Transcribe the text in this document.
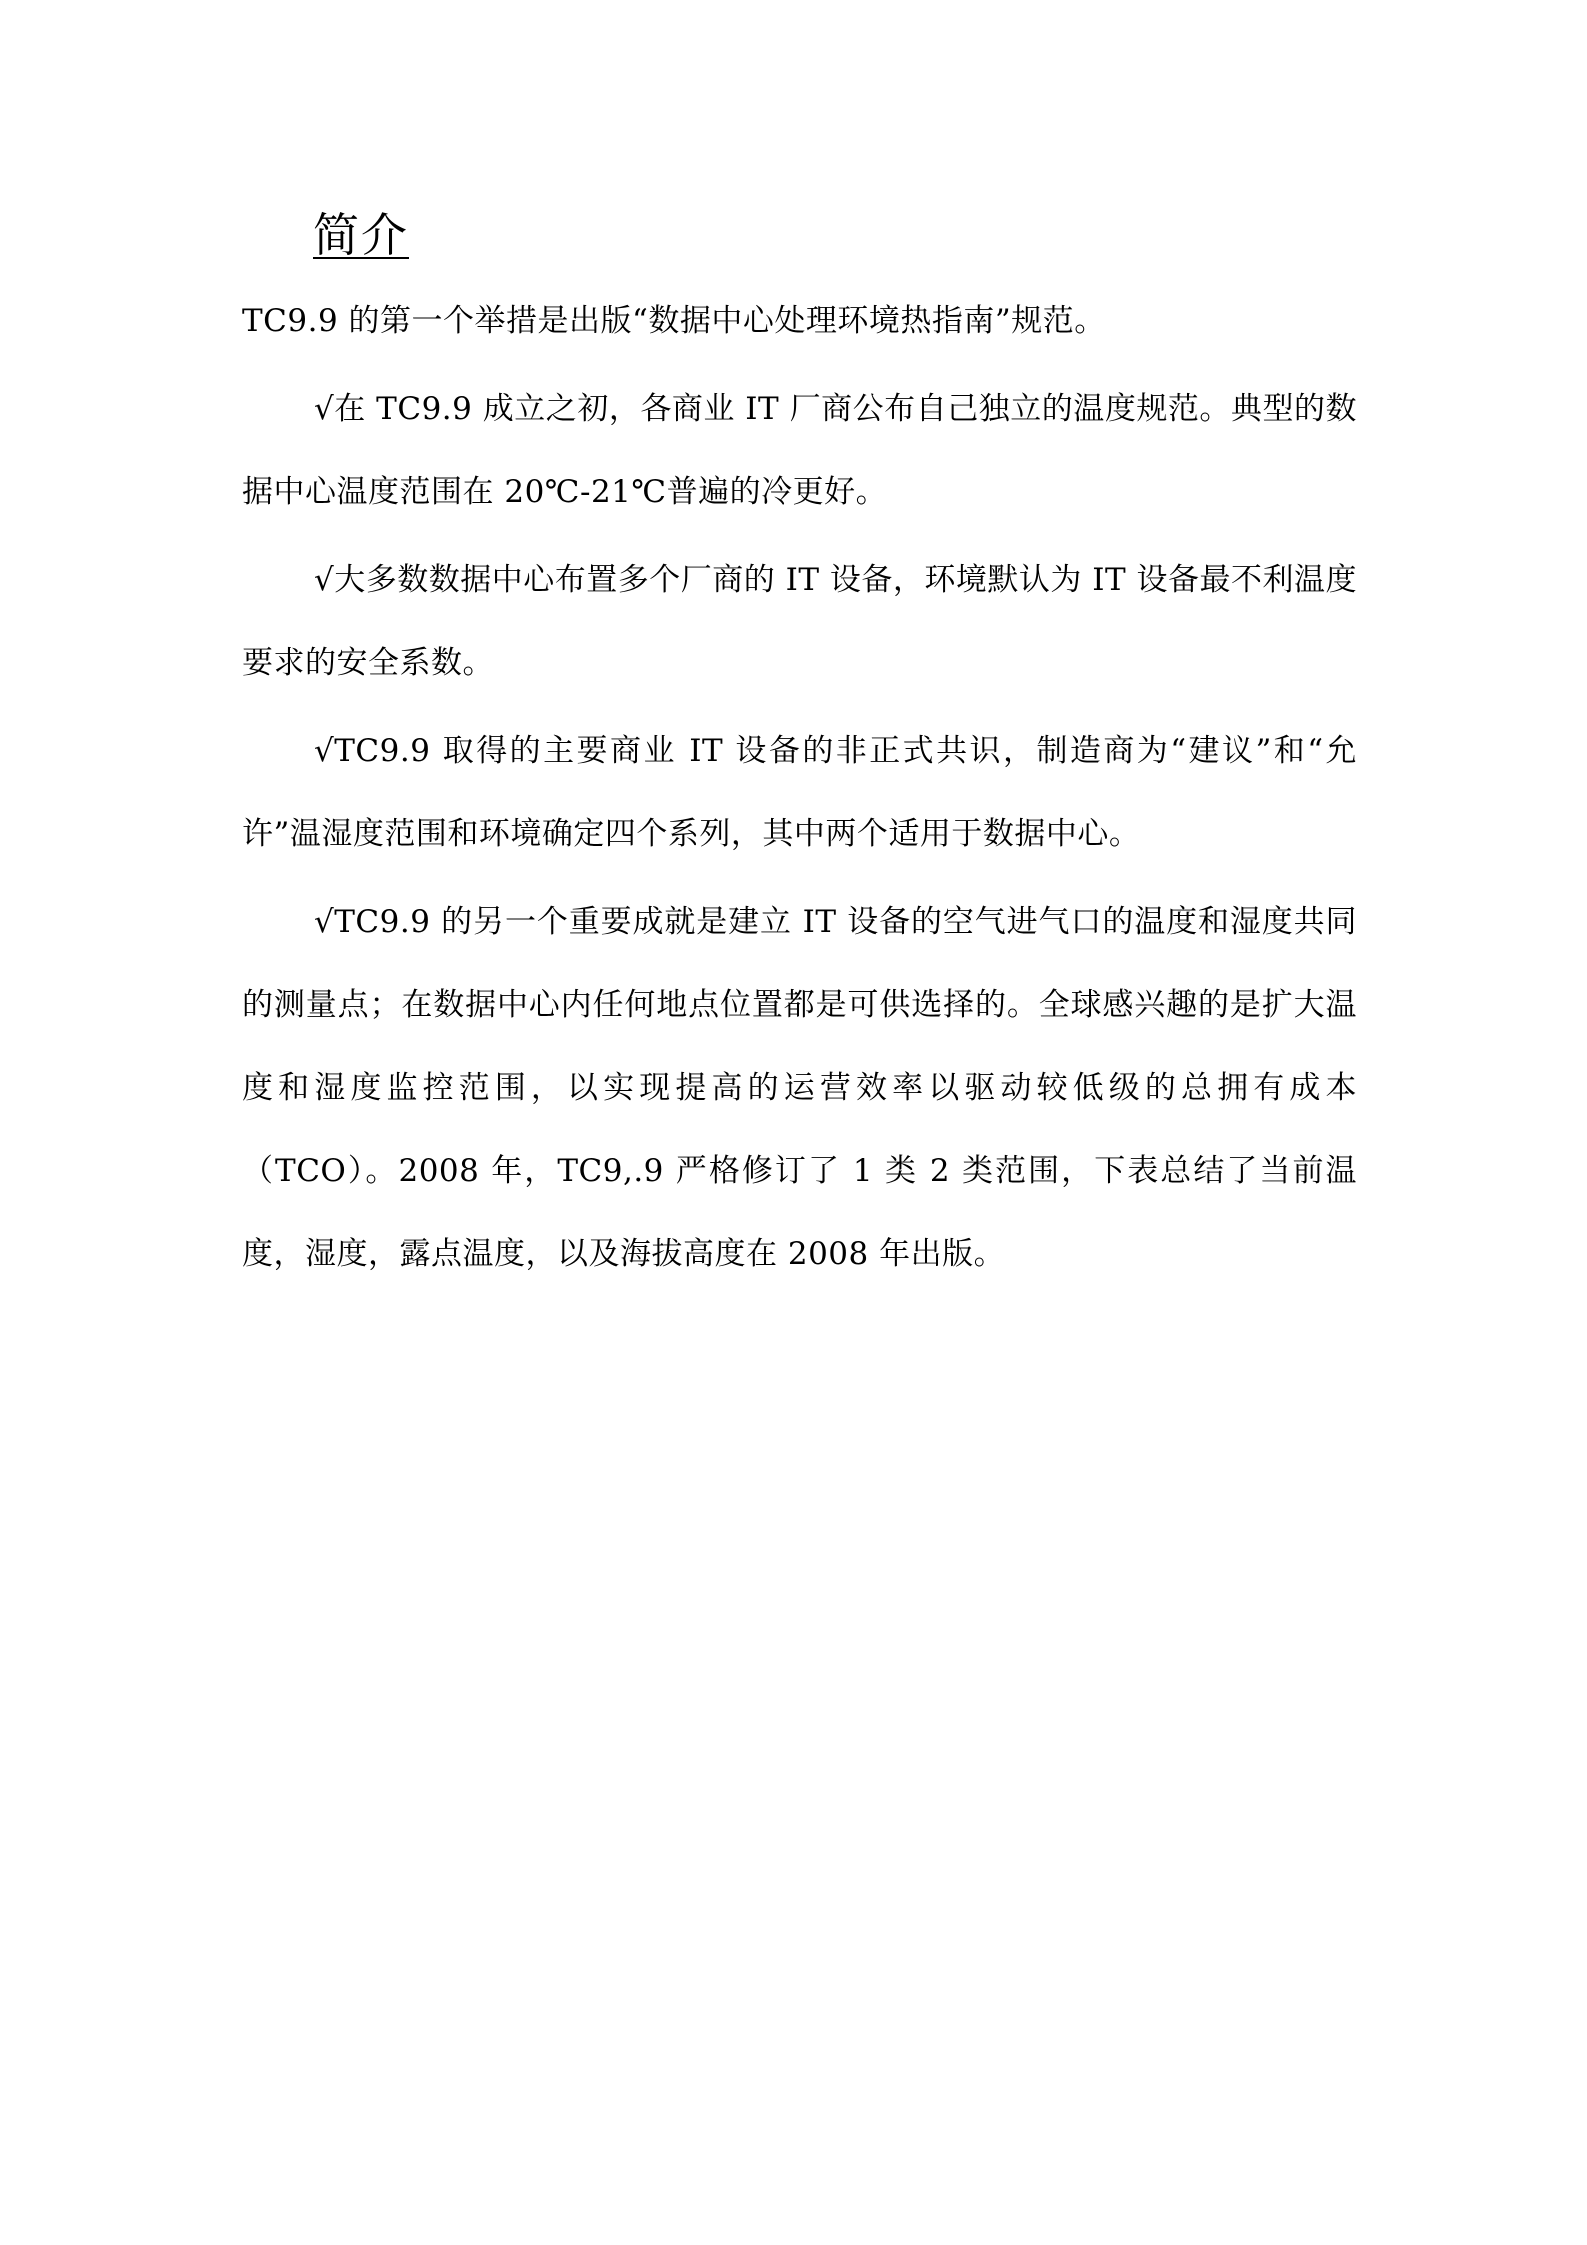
简介

TC9.9 的第一个举措是出版“数据中心处理环境热指南”规范。

√在 TC9.9 成立之初，各商业 IT 厂商公布自己独立的温度规范。典型的数据中心温度范围在 20℃-21℃普遍的冷更好。

√大多数数据中心布置多个厂商的 IT 设备，环境默认为 IT 设备最不利温度要求的安全系数。

√TC9.9 取得的主要商业 IT 设备的非正式共识，制造商为“建议”和“允许”温湿度范围和环境确定四个系列，其中两个适用于数据中心。

√TC9.9 的另一个重要成就是建立 IT 设备的空气进气口的温度和湿度共同的测量点；在数据中心内任何地点位置都是可供选择的。全球感兴趣的是扩大温度和湿度监控范围，以实现提高的运营效率以驱动较低级的总拥有成本（TCO）。2008 年，TC9,.9 严格修订了 1 类 2 类范围，下表总结了当前温度，湿度，露点温度，以及海拔高度在 2008 年出版。
